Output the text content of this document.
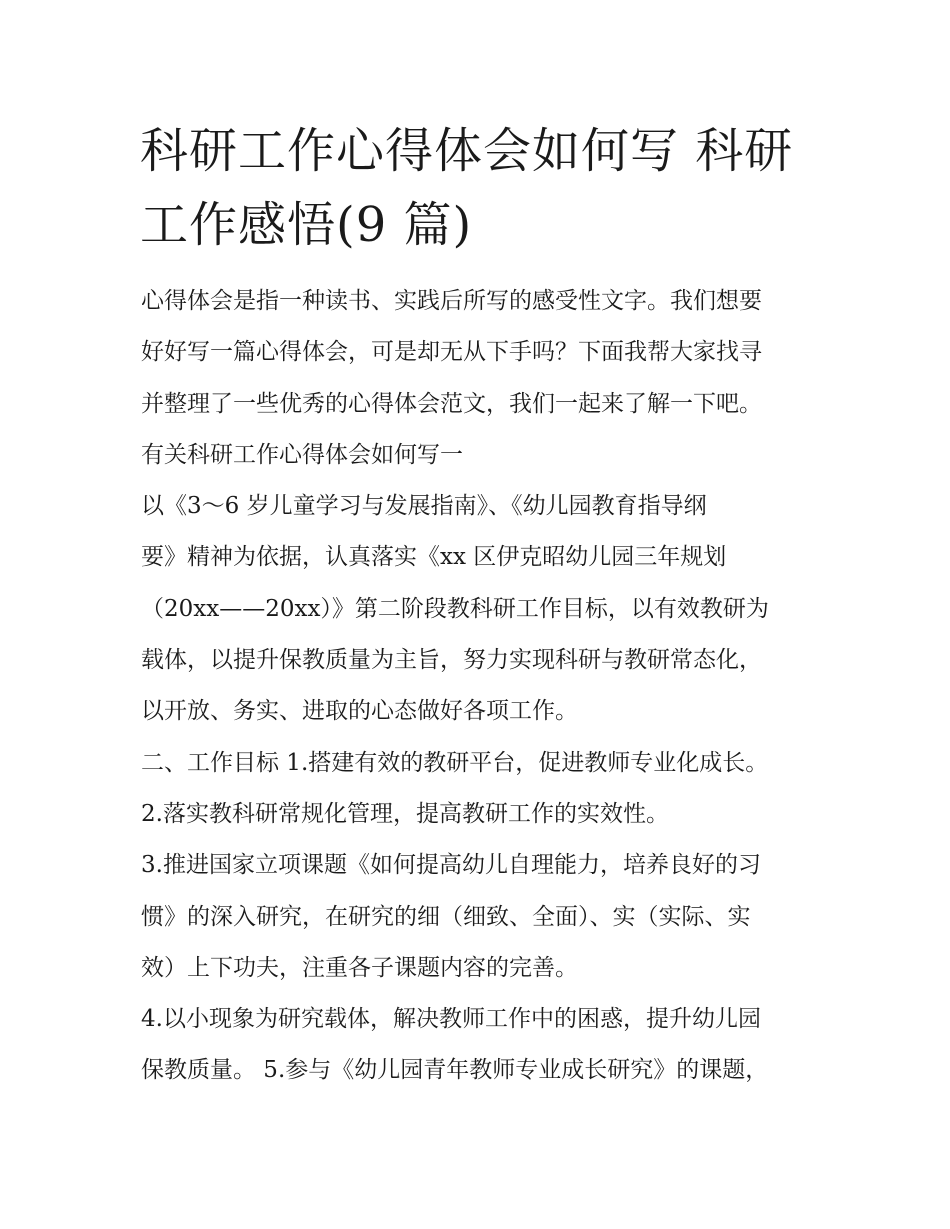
科研工作心得体会如何写 科研
工作感悟(9 篇)
心得体会是指一种读书、实践后所写的感受性文字。我们想要
好好写一篇心得体会，可是却无从下手吗？下面我帮大家找寻
并整理了一些优秀的心得体会范文，我们一起来了解一下吧。
有关科研工作心得体会如何写一
以《3～6 岁儿童学习与发展指南》、《幼儿园教育指导纲
要》精神为依据，认真落实《xx 区伊克昭幼儿园三年规划
（20xx——20xx）》第二阶段教科研工作目标，以有效教研为
载体，以提升保教质量为主旨，努力实现科研与教研常态化，
以开放、务实、进取的心态做好各项工作。
二、工作目标 1.搭建有效的教研平台，促进教师专业化成长。
2.落实教科研常规化管理，提高教研工作的实效性。
3.推进国家立项课题《如何提高幼儿自理能力，培养良好的习
惯》的深入研究，在研究的细（细致、全面）、实（实际、实
效）上下功夫，注重各子课题内容的完善。
4.以小现象为研究载体，解决教师工作中的困惑，提升幼儿园
保教质量。 5.参与《幼儿园青年教师专业成长研究》的课题，
